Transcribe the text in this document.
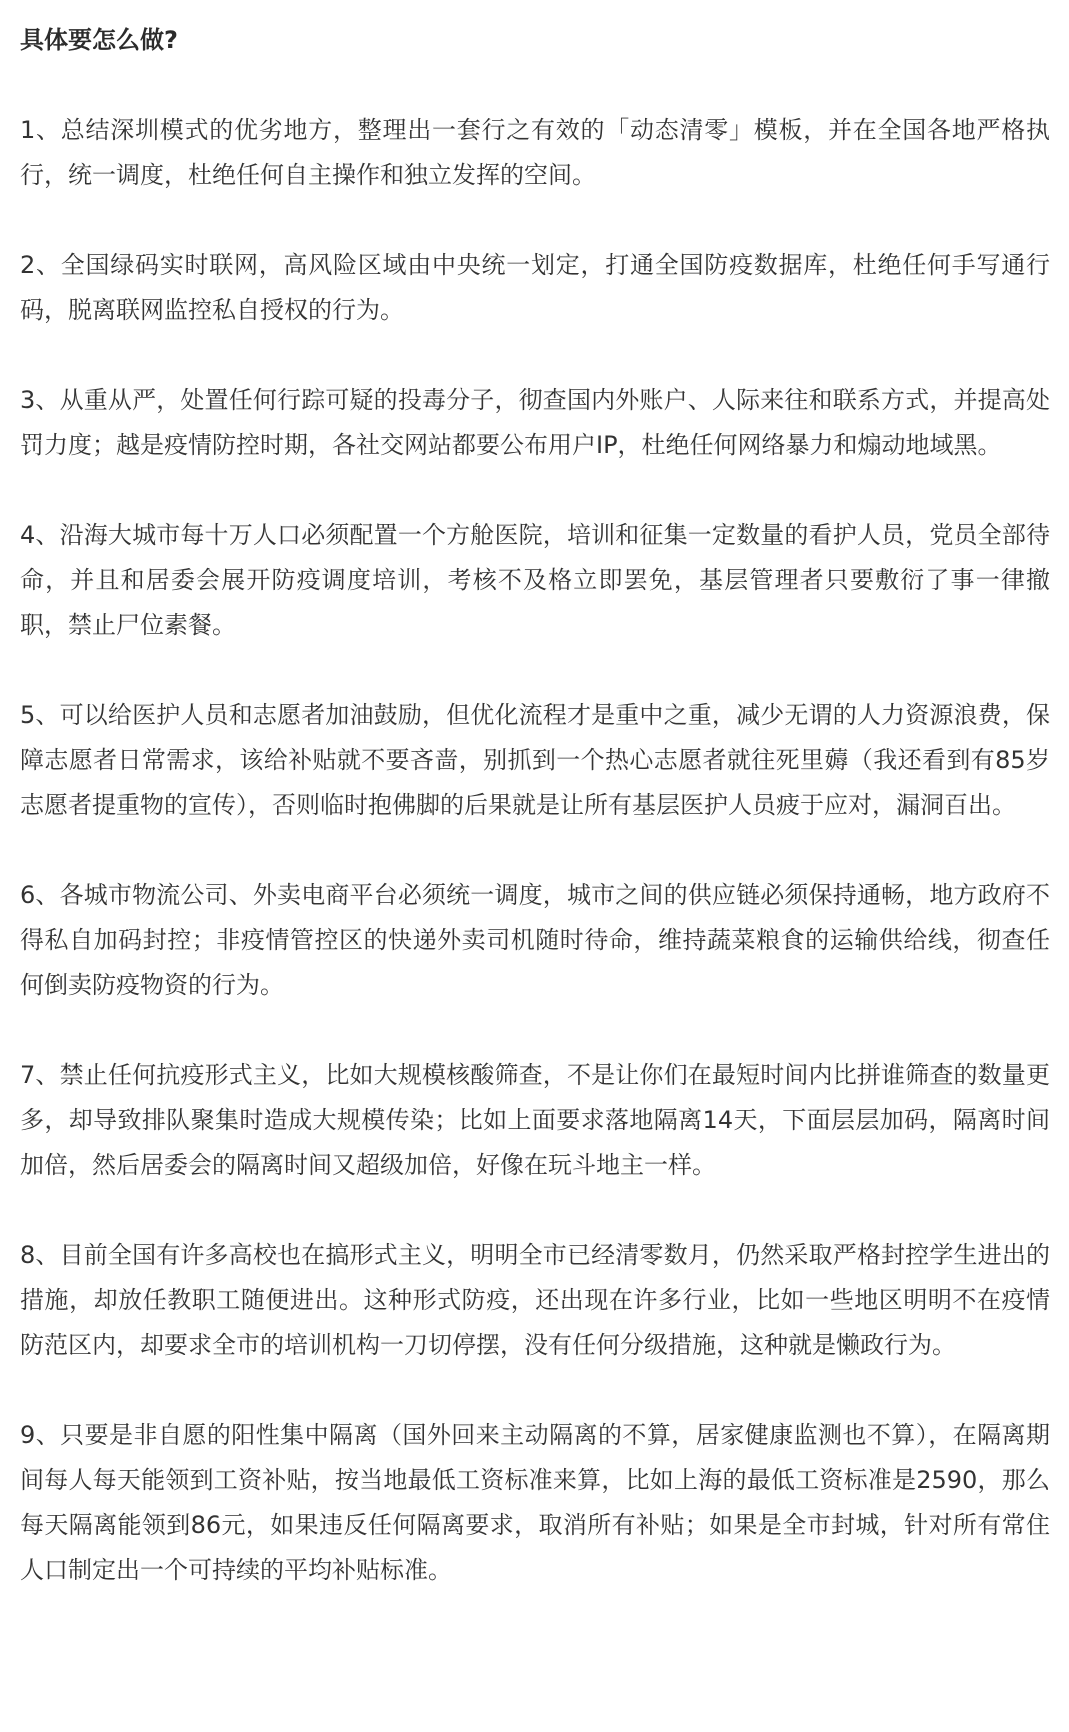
具体要怎么做?

1、总结深圳模式的优劣地方，整理出一套行之有效的「动态清零」模板，并在全国各地严格执行，统一调度，杜绝任何自主操作和独立发挥的空间。

2、全国绿码实时联网，高风险区域由中央统一划定，打通全国防疫数据库，杜绝任何手写通行码，脱离联网监控私自授权的行为。

3、从重从严，处置任何行踪可疑的投毒分子，彻查国内外账户、人际来往和联系方式，并提高处罚力度；越是疫情防控时期，各社交网站都要公布用户IP，杜绝任何网络暴力和煽动地域黑。

4、沿海大城市每十万人口必须配置一个方舱医院，培训和征集一定数量的看护人员，党员全部待命，并且和居委会展开防疫调度培训，考核不及格立即罢免，基层管理者只要敷衍了事一律撤职，禁止尸位素餐。

5、可以给医护人员和志愿者加油鼓励，但优化流程才是重中之重，减少无谓的人力资源浪费，保障志愿者日常需求，该给补贴就不要吝啬，别抓到一个热心志愿者就往死里薅（我还看到有85岁志愿者提重物的宣传），否则临时抱佛脚的后果就是让所有基层医护人员疲于应对，漏洞百出。

6、各城市物流公司、外卖电商平台必须统一调度，城市之间的供应链必须保持通畅，地方政府不得私自加码封控；非疫情管控区的快递外卖司机随时待命，维持蔬菜粮食的运输供给线，彻查任何倒卖防疫物资的行为。

7、禁止任何抗疫形式主义，比如大规模核酸筛查，不是让你们在最短时间内比拼谁筛查的数量更多，却导致排队聚集时造成大规模传染；比如上面要求落地隔离14天，下面层层加码，隔离时间加倍，然后居委会的隔离时间又超级加倍，好像在玩斗地主一样。

8、目前全国有许多高校也在搞形式主义，明明全市已经清零数月，仍然采取严格封控学生进出的措施，却放任教职工随便进出。这种形式防疫，还出现在许多行业，比如一些地区明明不在疫情防范区内，却要求全市的培训机构一刀切停摆，没有任何分级措施，这种就是懒政行为。

9、只要是非自愿的阳性集中隔离（国外回来主动隔离的不算，居家健康监测也不算），在隔离期间每人每天能领到工资补贴，按当地最低工资标准来算，比如上海的最低工资标准是2590，那么每天隔离能领到86元，如果违反任何隔离要求，取消所有补贴；如果是全市封城，针对所有常住人口制定出一个可持续的平均补贴标准。
